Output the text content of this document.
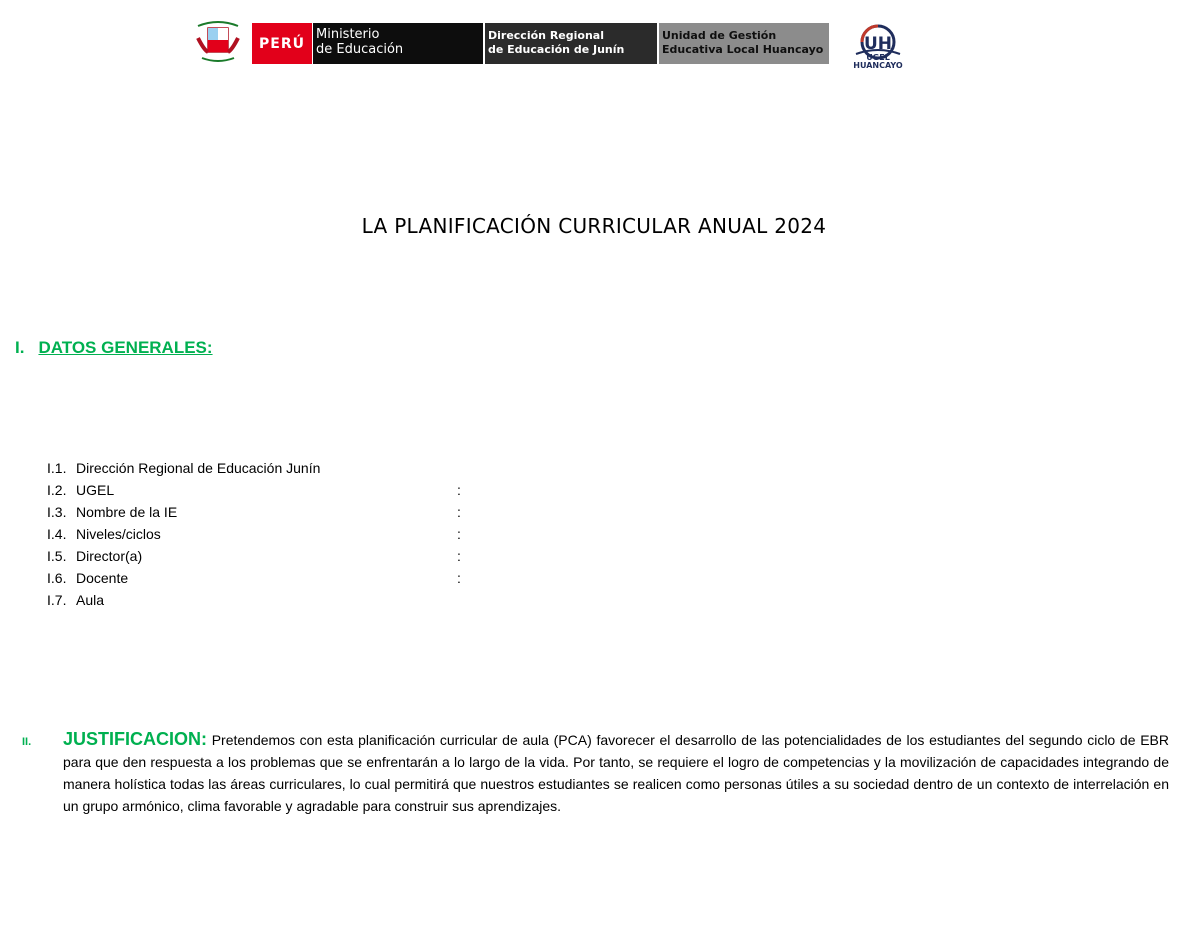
PERÚ
Ministerio
de Educación
Dirección Regional
de Educación de Junín
Unidad de Gestión
Educativa Local Huancayo	UH
UGEL
HUANCAYO
LA PLANIFICACIÓN CURRICULAR ANUAL 2024
I. DATOS GENERALES:
I.1. Dirección Regional de Educación Junín
I.2. UGEL	:
I.3. Nombre de la IE	:
I.4. Niveles/ciclos	:
I.5. Director(a)	:
I.6. Docente	:
I.7. Aula
II. JUSTIFICACION: Pretendemos con esta planificación curricular de aula (PCA) favorecer el desarrollo de las potencialidades de los estudiantes del segundo ciclo de EBR para que den respuesta a los problemas que se enfrentarán a lo largo de la vida. Por tanto, se requiere el logro de competencias y la movilización de capacidades integrando de manera holística todas las áreas curriculares, lo cual permitirá que nuestros estudiantes se realicen como personas útiles a su sociedad dentro de un contexto de interrelación en un grupo armónico, clima favorable y agradable para construir sus aprendizajes.
